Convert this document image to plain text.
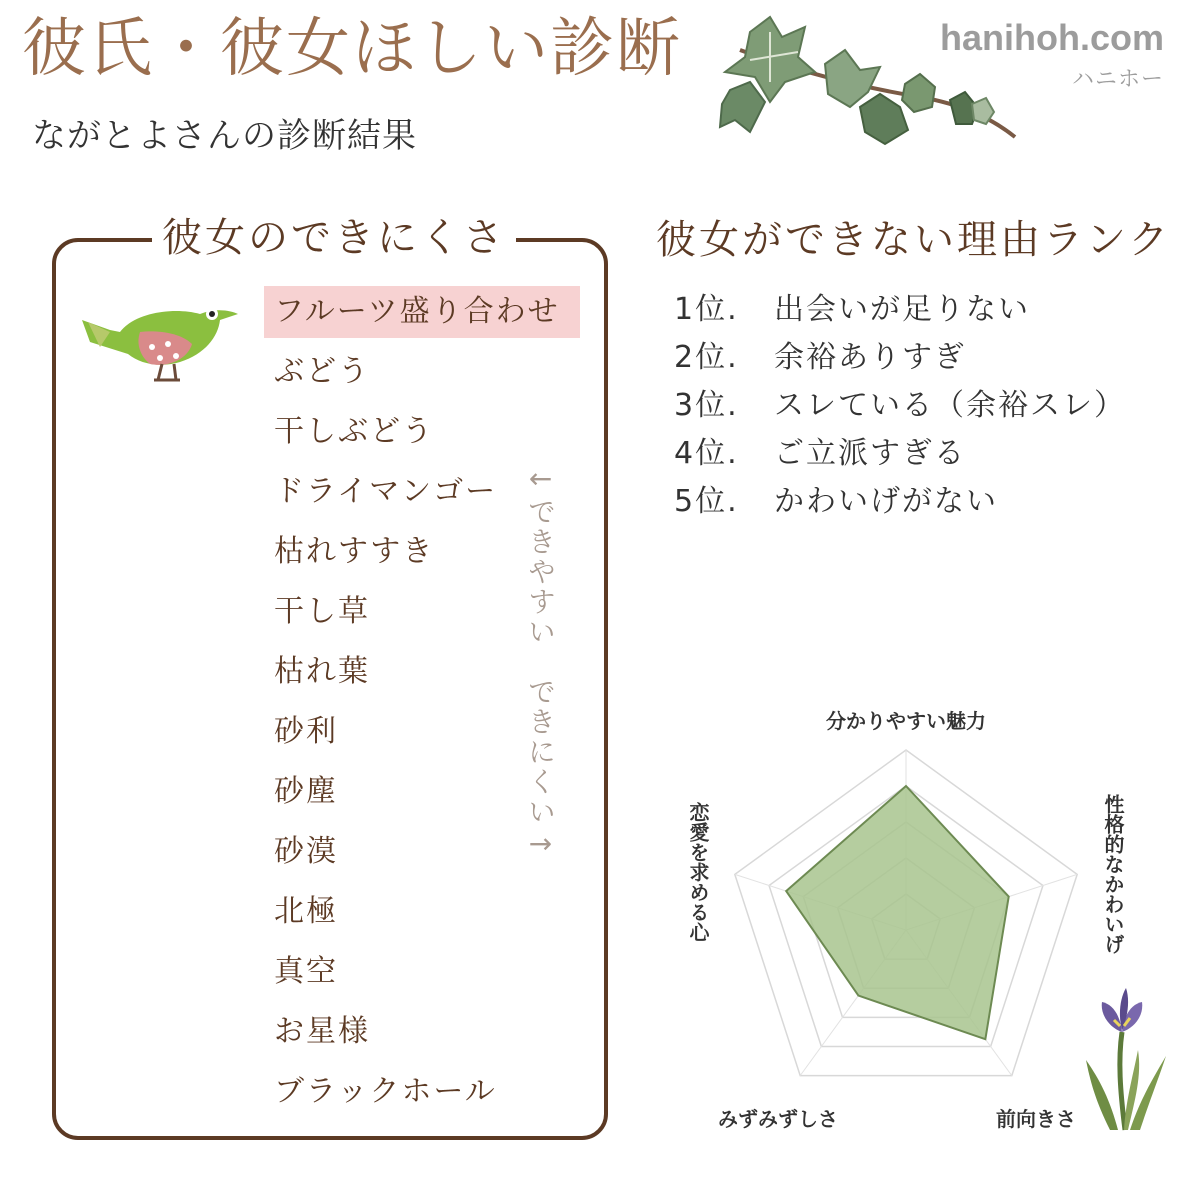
彼氏・彼女ほしい診断
ながとよさんの診断結果
hanihoh.com
ハニホー
彼女のできにくさ
フルーツ盛り合わせ
ぶどう
干しぶどう
ドライマンゴー
枯れすすき
干し草
枯れ葉
砂利
砂塵
砂漠
北極
真空
お星様
ブラックホール
←できやすい　できにくい→
彼女ができない理由ランク
1位. 出会いが足りない
2位. 余裕ありすぎ
3位. スレている（余裕スレ）
4位. ご立派すぎる
5位. かわいげがない
分かりやすい魅力
性格的なかわいげ
前向きさ
みずみずしさ
恋愛を求める心
